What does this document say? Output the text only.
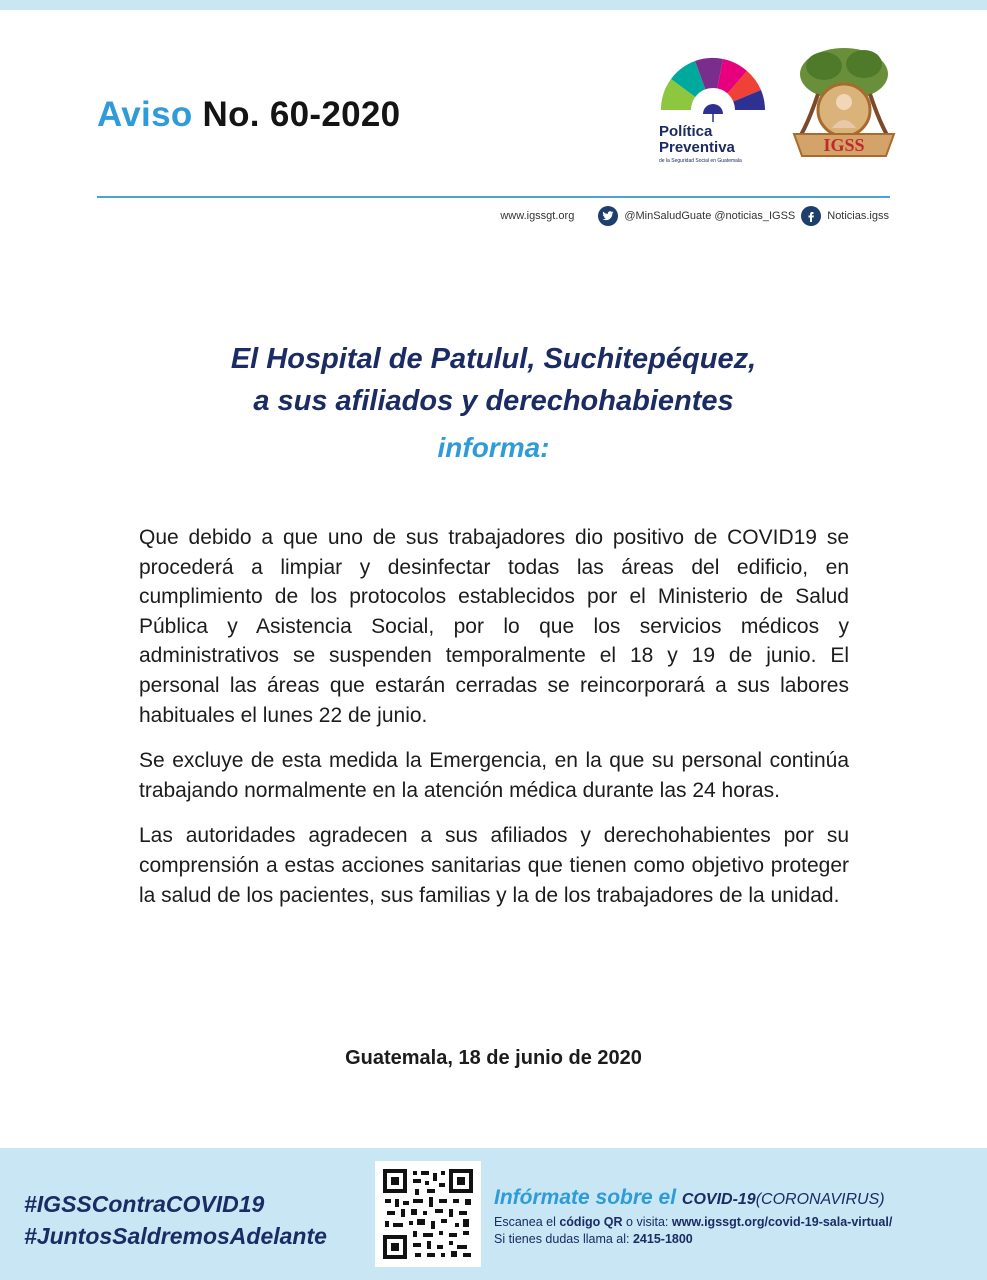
Aviso No. 60-2020	Política
Preventiva
de la Seguridad Social en Guatemala
IGSS
www.igssgt.org	@MinSaludGuate @noticias_IGSS	Noticias.igss
El Hospital de Patulul, Suchitepéquez,
a sus afiliados y derechohabientes
informa:

Que debido a que uno de sus trabajadores dio positivo de COVID19 se procederá a limpiar y desinfectar todas las áreas del edificio, en cumplimiento de los protocolos establecidos por el Ministerio de Salud Pública y Asistencia Social, por lo que los servicios médicos y administrativos se suspenden temporalmente el 18 y 19 de junio. El personal las áreas que estarán cerradas se reincorporará a sus labores habituales el lunes 22 de junio.

Se excluye de esta medida la Emergencia, en la que su personal continúa trabajando normalmente en la atención médica durante las 24 horas.

Las autoridades agradecen a sus afiliados y derechohabientes por su comprensión a estas acciones sanitarias que tienen como objetivo proteger la salud de los pacientes, sus familias y la de los trabajadores de la unidad.

Guatemala, 18 de junio de 2020
#IGSSContraCOVID19
#JuntosSaldremosAdelante
Infórmate sobre el COVID-19(CORONAVIRUS)
Escanea el código QR o visita: www.igssgt.org/covid-19-sala-virtual/
Si tienes dudas llama al: 2415-1800
